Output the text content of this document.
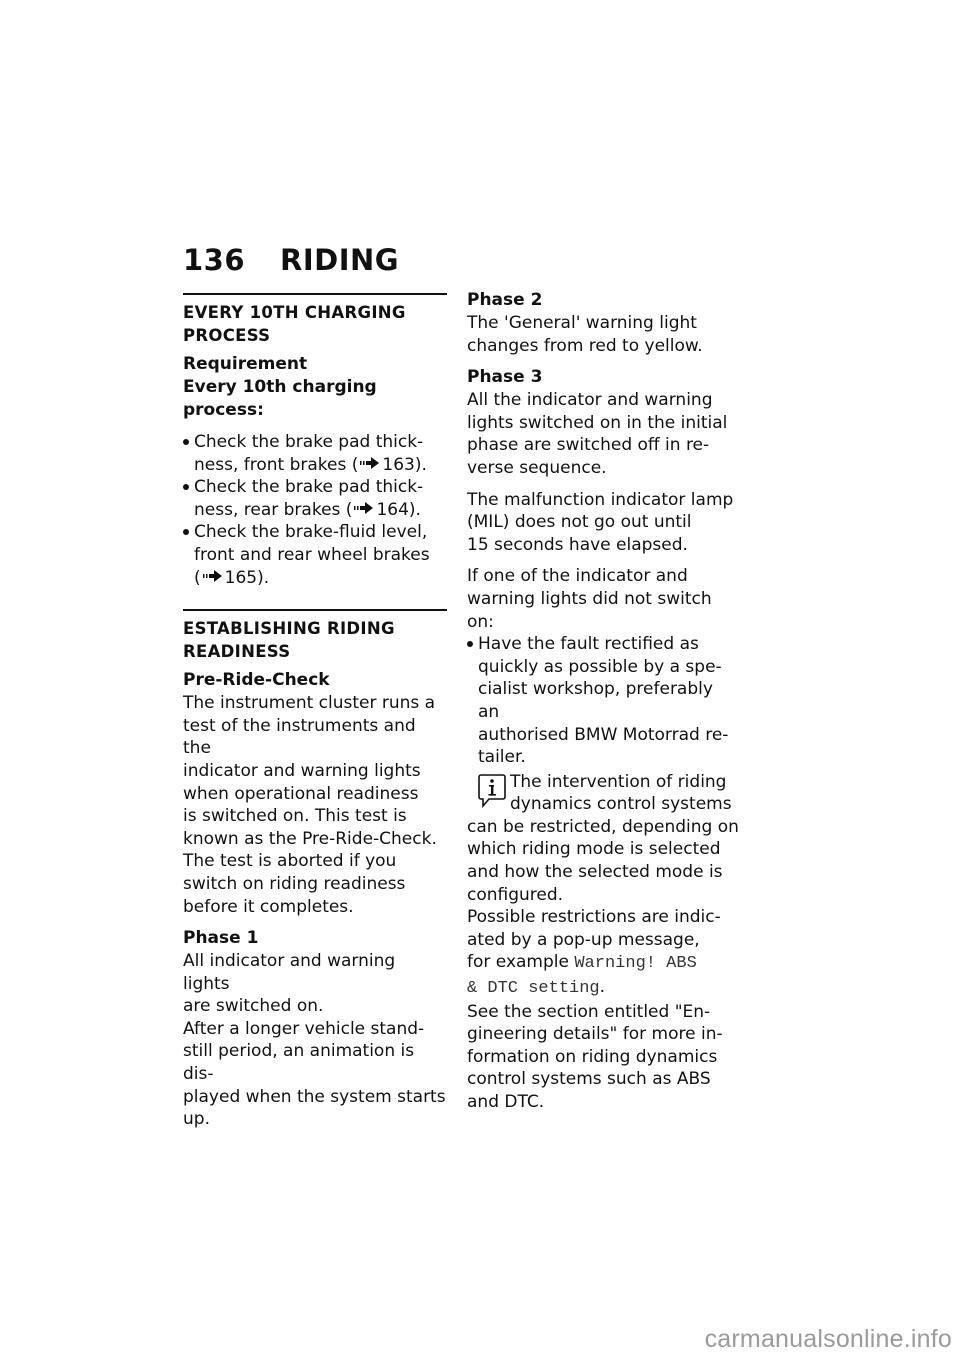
136 RIDING
EVERY 10TH CHARGING
PROCESS
Requirement
Every 10th charging process:
Check the brake pad thick-
ness, front brakes ( 163).
Check the brake pad thick-
ness, rear brakes ( 164).
Check the brake-fluid level,
front and rear wheel brakes
( 165).
ESTABLISHING RIDING
READINESS
Pre-Ride-Check

The instrument cluster runs a
test of the instruments and the
indicator and warning lights
when operational readiness
is switched on. This test is
known as the Pre-Ride-Check.
The test is aborted if you
switch on riding readiness
before it completes.

Phase 1

All indicator and warning lights
are switched on.
After a longer vehicle stand-
still period, an animation is dis-
played when the system starts
up.

Phase 2

The 'General' warning light
changes from red to yellow.

Phase 3

All the indicator and warning
lights switched on in the initial
phase are switched off in re-
verse sequence.

The malfunction indicator lamp
(MIL) does not go out until
15 seconds have elapsed.

If one of the indicator and
warning lights did not switch
on:

Have the fault rectified as
quickly as possible by a spe-
cialist workshop, preferably an
authorised BMW Motorrad re-
tailer.

The intervention of riding
dynamics control systems
can be restricted, depending on
which riding mode is selected
and how the selected mode is
configured.
Possible restrictions are indic-
ated by a pop-up message,
for example Warning! ABS
& DTC setting.
See the section entitled "En-
gineering details" for more in-
formation on riding dynamics
control systems such as ABS
and DTC.

carmanualsonline.info
